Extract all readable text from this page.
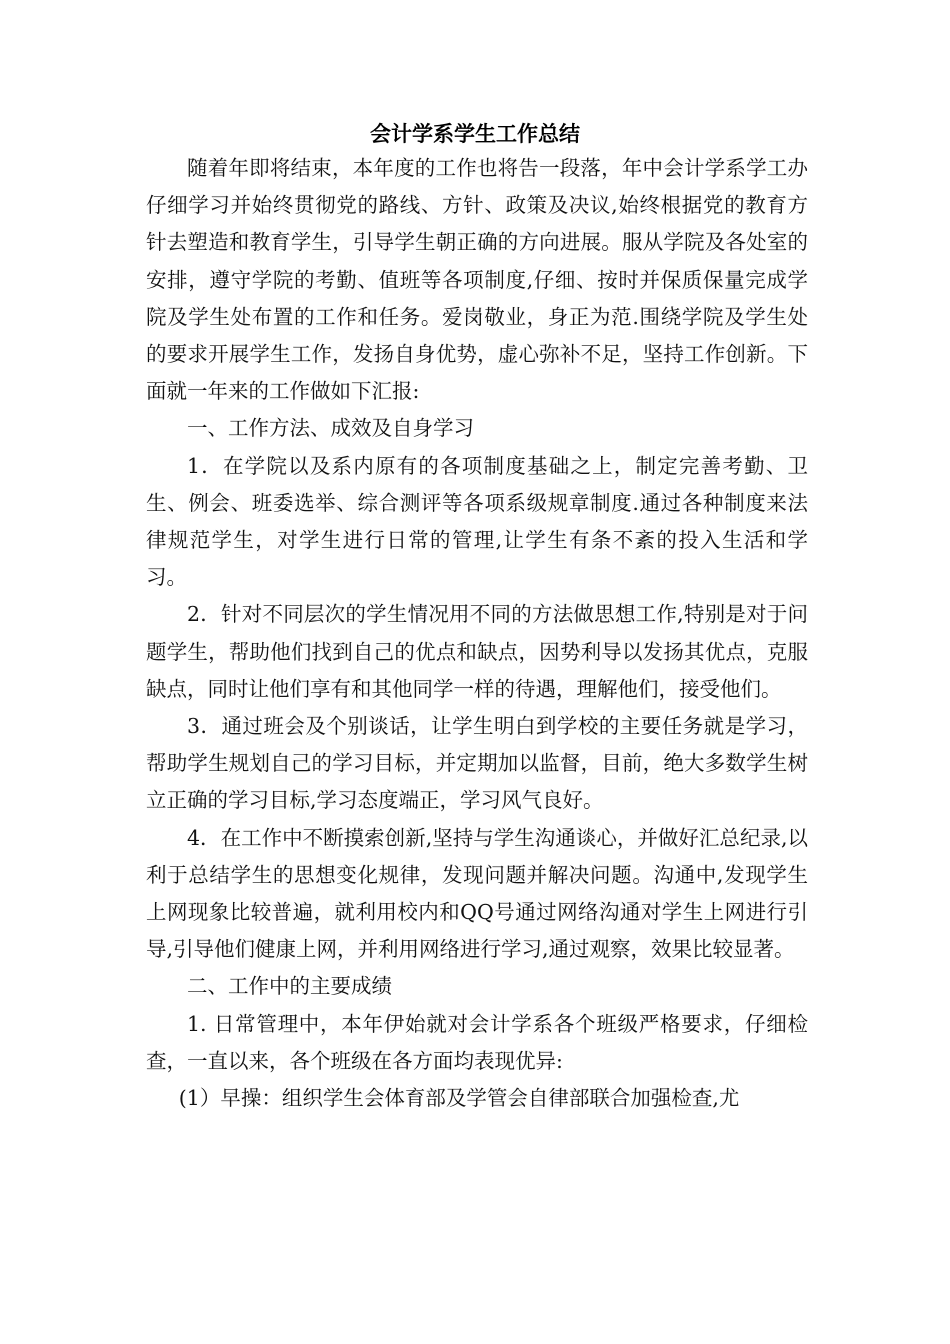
会计学系学生工作总结

随着年即将结束，本年度的工作也将告一段落，年中会计学系学工办仔细学习并始终贯彻党的路线、方针、政策及决议,始终根据党的教育方针去塑造和教育学生，引导学生朝正确的方向进展。服从学院及各处室的安排，遵守学院的考勤、值班等各项制度,仔细、按时并保质保量完成学院及学生处布置的工作和任务。爱岗敬业，身正为范.围绕学院及学生处的要求开展学生工作，发扬自身优势，虚心弥补不足，坚持工作创新。下面就一年来的工作做如下汇报:

一、工作方法、成效及自身学习

1．在学院以及系内原有的各项制度基础之上，制定完善考勤、卫生、例会、班委选举、综合测评等各项系级规章制度.通过各种制度来法律规范学生，对学生进行日常的管理,让学生有条不紊的投入生活和学习。

2．针对不同层次的学生情况用不同的方法做思想工作,特别是对于问题学生，帮助他们找到自己的优点和缺点，因势利导以发扬其优点，克服缺点，同时让他们享有和其他同学一样的待遇，理解他们，接受他们。

3．通过班会及个别谈话，让学生明白到学校的主要任务就是学习，帮助学生规划自己的学习目标，并定期加以监督，目前，绝大多数学生树立正确的学习目标,学习态度端正，学习风气良好。

4．在工作中不断摸索创新,坚持与学生沟通谈心，并做好汇总纪录,以利于总结学生的思想变化规律，发现问题并解决问题。沟通中,发现学生上网现象比较普遍，就利用校内和QQ号通过网络沟通对学生上网进行引导,引导他们健康上网，并利用网络进行学习,通过观察，效果比较显著。

二、工作中的主要成绩

1. 日常管理中，本年伊始就对会计学系各个班级严格要求，仔细检查，一直以来，各个班级在各方面均表现优异:

(1）早操：组织学生会体育部及学管会自律部联合加强检查,尤
